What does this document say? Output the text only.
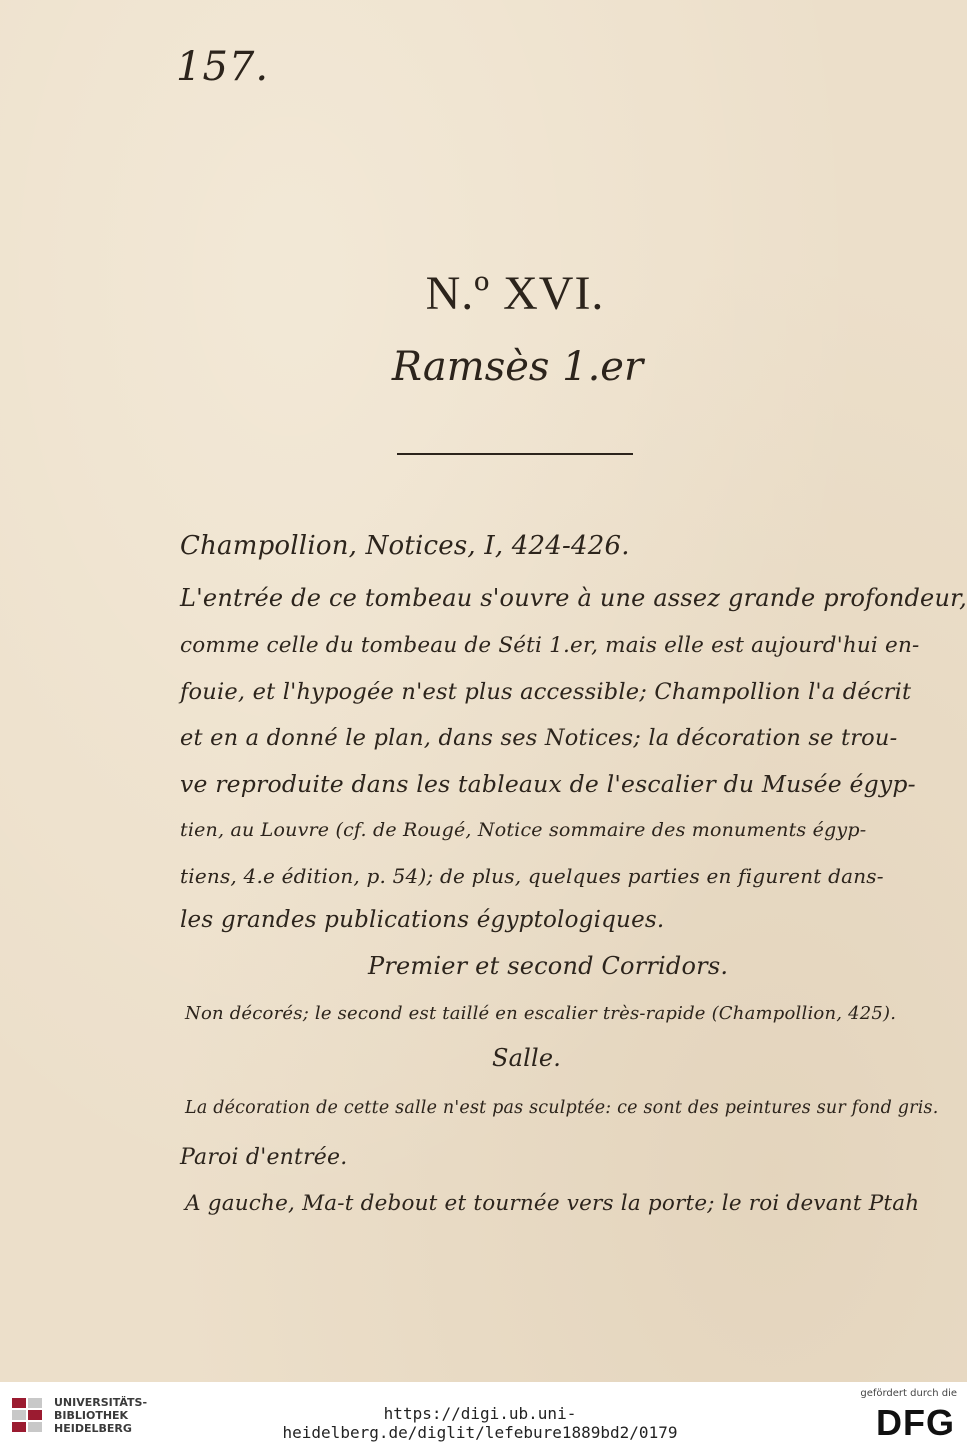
157.
N.º XVI.
Ramsès 1.er
Champollion, Notices, I, 424-426.
L'entrée de ce tombeau s'ouvre à une assez grande profondeur,
comme celle du tombeau de Séti 1.er, mais elle est aujourd'hui en-
fouie, et l'hypogée n'est plus accessible; Champollion l'a décrit
et en a donné le plan, dans ses Notices; la décoration se trou-
ve reproduite dans les tableaux de l'escalier du Musée égyp-
tien, au Louvre (cf. de Rougé, Notice sommaire des monuments égyp-
tiens, 4.e édition, p. 54); de plus, quelques parties en figurent dans-
les grandes publications égyptologiques.
Premier et second Corridors.
Non décorés; le second est taillé en escalier très-rapide (Champollion, 425).
Salle.
La décoration de cette salle n'est pas sculptée: ce sont des peintures sur fond gris.
Paroi d'entrée.
A gauche, Ma-t debout et tournée vers la porte; le roi devant Ptah
UNIVERSITÄTS-
BIBLIOTHEK
HEIDELBERG
https://digi.ub.uni-heidelberg.de/diglit/lefebure1889bd2/0179
gefördert durch die
DFG
